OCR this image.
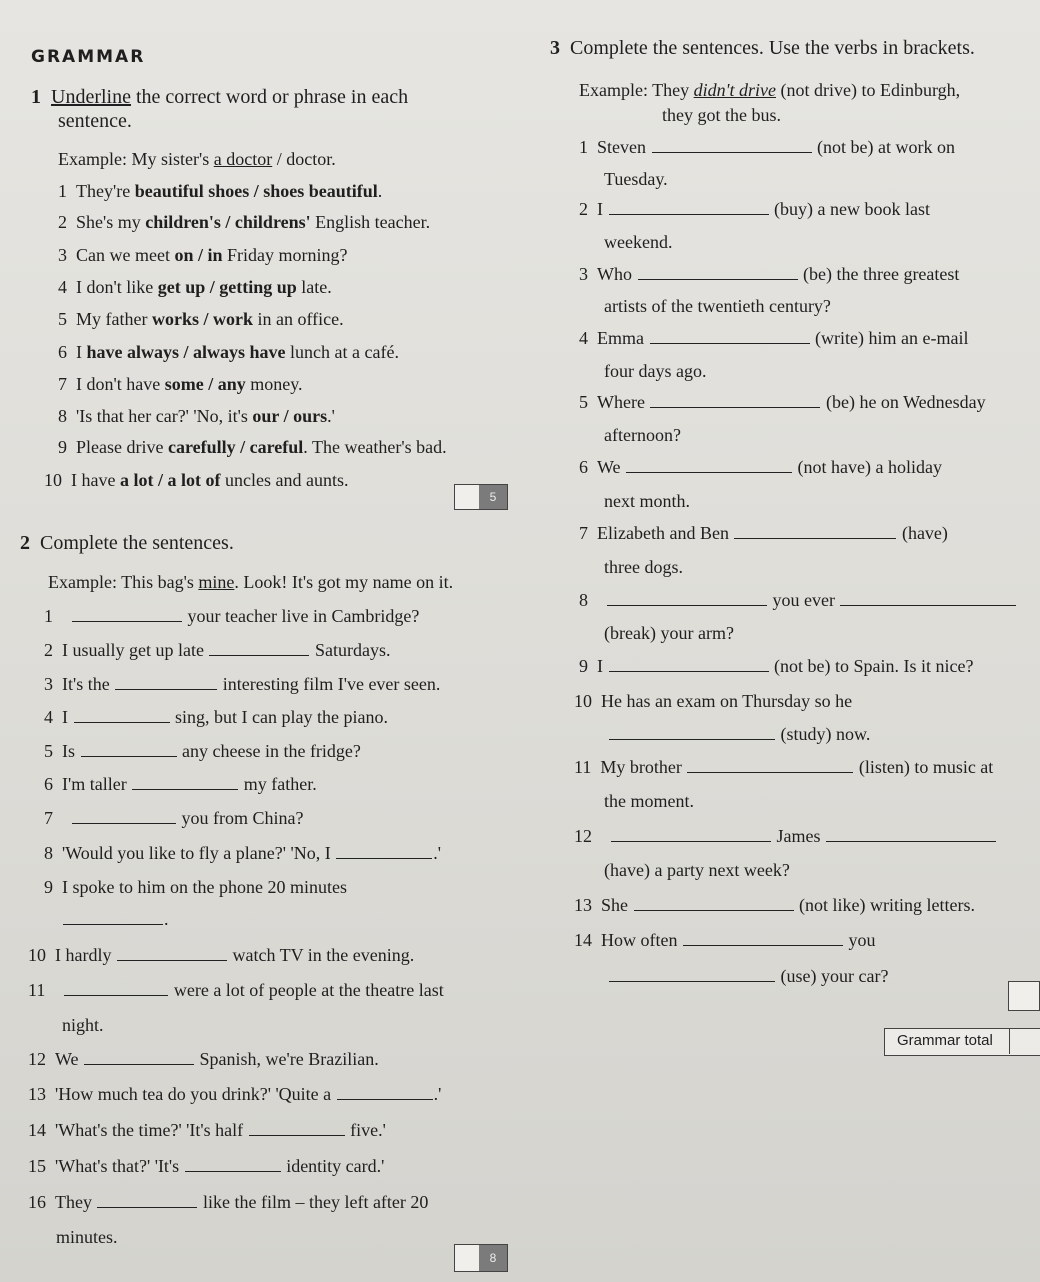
GRAMMAR
1 Underline the correct word or phrase in each
sentence.
Example: My sister's a doctor / doctor.
1 They're beautiful shoes / shoes beautiful.
2 She's my children's / childrens' English teacher.
3 Can we meet on / in Friday morning?
4 I don't like get up / getting up late.
5 My father works / work in an office.
6 I have always / always have lunch at a café.
7 I don't have some / any money.
8 'Is that her car?' 'No, it's our / ours.'
9 Please drive carefully / careful. The weather's bad.
10 I have a lot / a lot of uncles and aunts.
5
2 Complete the sentences.
Example: This bag's mine. Look! It's got my name on it.
1	your teacher live in Cambridge?
2 I usually get up late	Saturdays.
3 It's the	interesting film I've ever seen.
4 I	sing, but I can play the piano.
5 Is	any cheese in the fridge?
6 I'm taller	my father.
7	you from China?
8 'Would you like to fly a plane?' 'No, I	.'
9 I spoke to him on the phone 20 minutes
10 I hardly	watch TV in the evening.
11	were a lot of people at the theatre last
12 We	Spanish, we're Brazilian.
13 'How much tea do you drink?' 'Quite a	.'
14 'What's the time?' 'It's half	five.'
15 'What's that?' 'It's	identity card.'
16 They	like the film – they left after 20
.
night.
minutes.
8
3 Complete the sentences. Use the verbs in brackets.
Example: They didn't drive (not drive) to Edinburgh,
they got the bus.
1 Steven	(not be) at work on
Tuesday.
2 I	(buy) a new book last
weekend.
3 Who	(be) the three greatest
artists of the twentieth century?
4 Emma	(write) him an e-mail
four days ago.
5 Where	(be) he on Wednesday
afternoon?
6 We	(not have) a holiday
next month.
7 Elizabeth and Ben	(have)
three dogs.
8	you ever
(break) your arm?
9 I	(not be) to Spain. Is it nice?
10 He has an exam on Thursday so he
(study) now.
11 My brother	(listen) to music at
the moment.
12	James
(have) a party next week?
13 She	(not like) writing letters.
14 How often	you
(use) your car?
Grammar total
